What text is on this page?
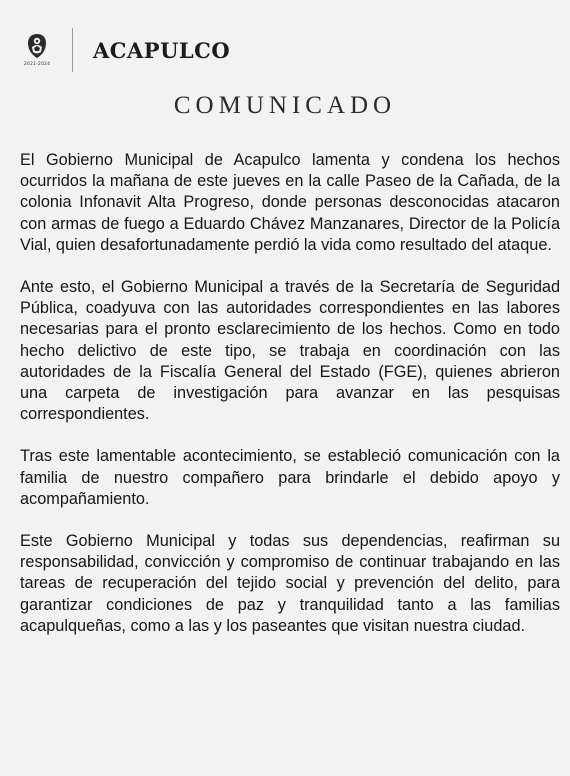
2021-2024
ACAPULCO
COMUNICADO

El Gobierno Municipal de Acapulco lamenta y condena los hechos ocurridos la mañana de este jueves en la calle Paseo de la Cañada, de la colonia Infonavit Alta Progreso, donde personas desconocidas atacaron con armas de fuego a Eduardo Chávez Manzanares, Director de la Policía Vial, quien desafortunadamente perdió la vida como resultado del ataque.

Ante esto, el Gobierno Municipal a través de la Secretaría de Seguridad Pública, coadyuva con las autoridades correspondientes en las labores necesarias para el pronto esclarecimiento de los hechos. Como en todo hecho delictivo de este tipo, se trabaja en coordinación con las autoridades de la Fiscalía General del Estado (FGE), quienes abrieron una carpeta de investigación para avanzar en las pesquisas correspondientes.

Tras este lamentable acontecimiento, se estableció comunicación con la familia de nuestro compañero para brindarle el debido apoyo y acompañamiento.

Este Gobierno Municipal y todas sus dependencias, reafirman su responsabilidad, convicción y compromiso de continuar trabajando en las tareas de recuperación del tejido social y prevención del delito, para garantizar condiciones de paz y tranquilidad tanto a las familias acapulqueñas, como a las y los paseantes que visitan nuestra ciudad.
